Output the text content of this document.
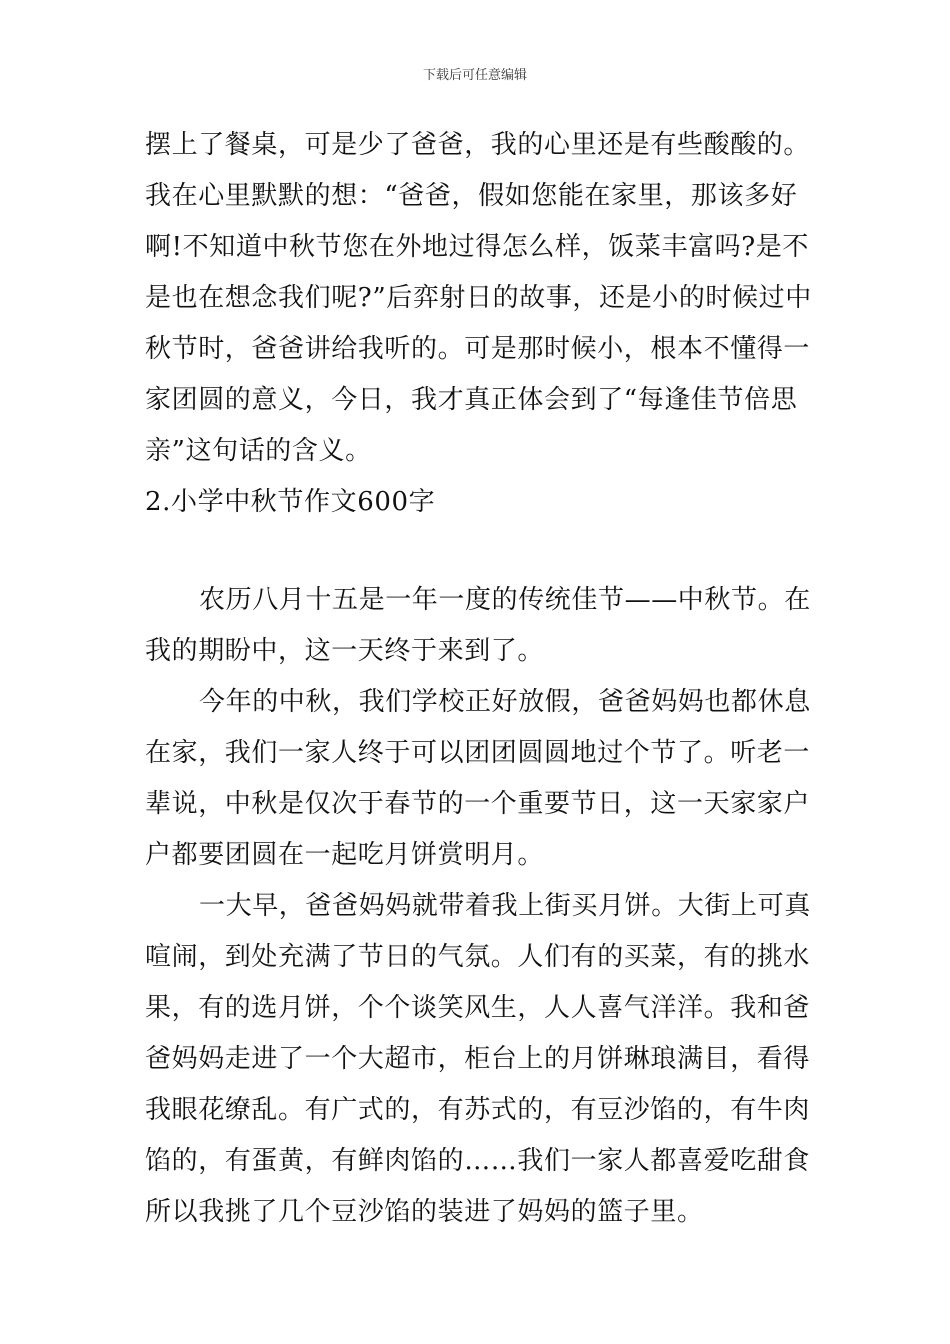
下载后可任意编辑
摆上了餐桌，可是少了爸爸，我的心里还是有些酸酸的。
我在心里默默的想：“爸爸，假如您能在家里，那该多好
啊!不知道中秋节您在外地过得怎么样，饭菜丰富吗?是不
是也在想念我们呢?”后弈射日的故事，还是小的时候过中
秋节时，爸爸讲给我听的。可是那时候小，根本不懂得一
家团圆的意义，今日，我才真正体会到了“每逢佳节倍思
亲”这句话的含义。
2.小学中秋节作文600字
农历八月十五是一年一度的传统佳节——中秋节。在
我的期盼中，这一天终于来到了。
今年的中秋，我们学校正好放假，爸爸妈妈也都休息
在家，我们一家人终于可以团团圆圆地过个节了。听老一
辈说，中秋是仅次于春节的一个重要节日，这一天家家户
户都要团圆在一起吃月饼赏明月。
一大早，爸爸妈妈就带着我上街买月饼。大街上可真
喧闹，到处充满了节日的气氛。人们有的买菜，有的挑水
果，有的选月饼，个个谈笑风生，人人喜气洋洋。我和爸
爸妈妈走进了一个大超市，柜台上的月饼琳琅满目，看得
我眼花缭乱。有广式的，有苏式的，有豆沙馅的，有牛肉
馅的，有蛋黄，有鲜肉馅的……我们一家人都喜爱吃甜食
所以我挑了几个豆沙馅的装进了妈妈的篮子里。
